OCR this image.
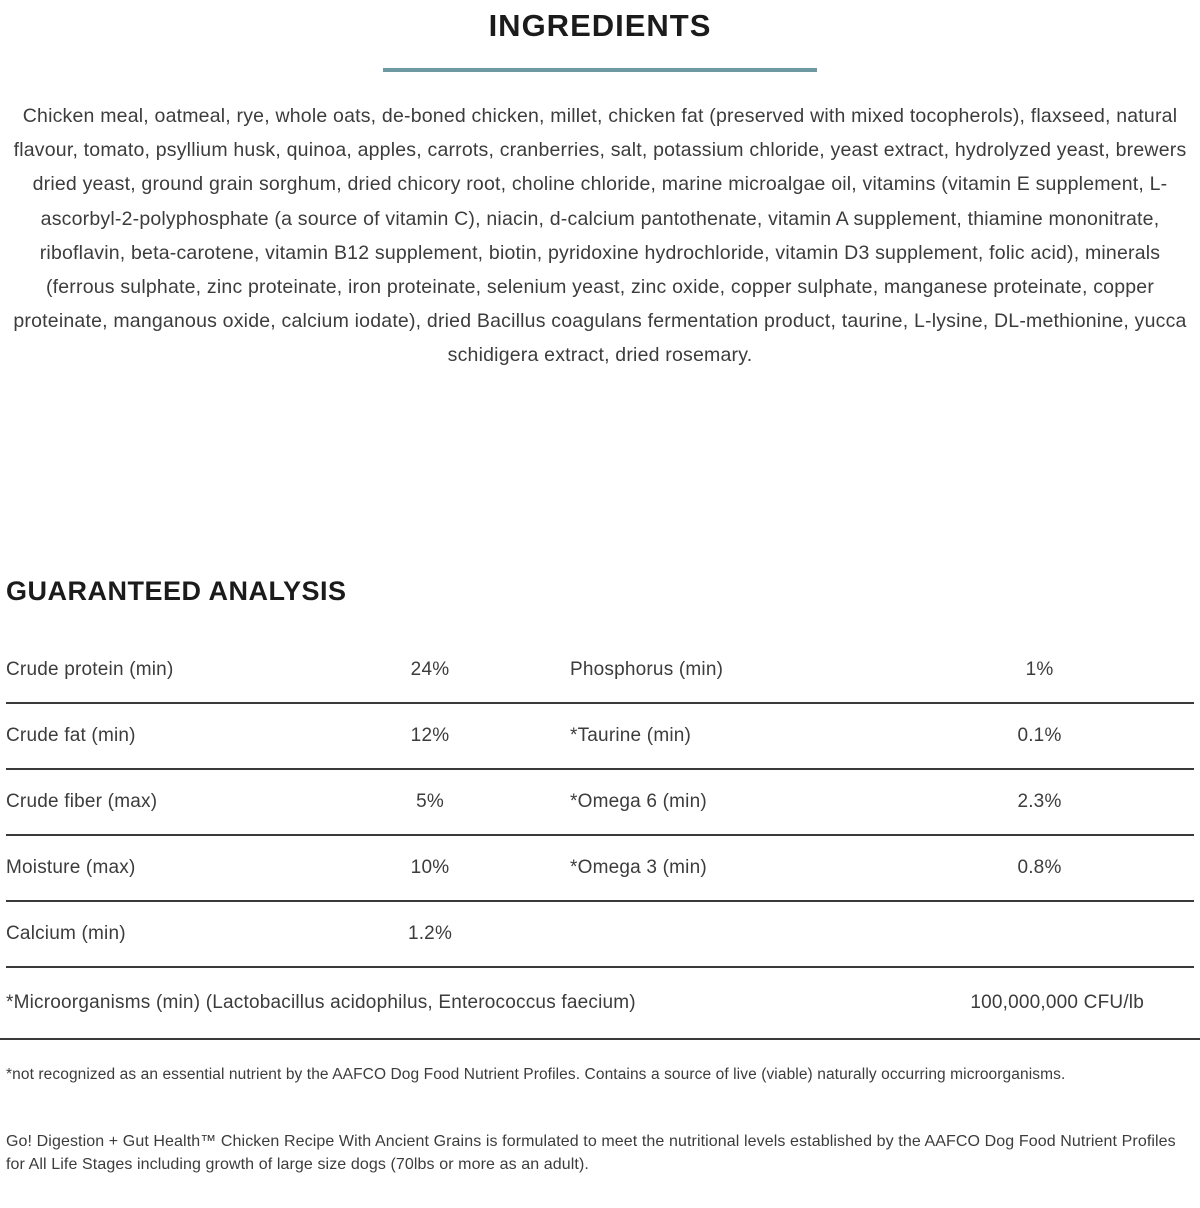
INGREDIENTS

Chicken meal, oatmeal, rye, whole oats, de-boned chicken, millet, chicken fat (preserved with mixed tocopherols), flaxseed, natural flavour, tomato, psyllium husk, quinoa, apples, carrots, cranberries, salt, potassium chloride, yeast extract, hydrolyzed yeast, brewers dried yeast, ground grain sorghum, dried chicory root, choline chloride, marine microalgae oil, vitamins (vitamin E supplement, L-ascorbyl-2-polyphosphate (a source of vitamin C), niacin, d-calcium pantothenate, vitamin A supplement, thiamine mononitrate, riboflavin, beta-carotene, vitamin B12 supplement, biotin, pyridoxine hydrochloride, vitamin D3 supplement, folic acid), minerals (ferrous sulphate, zinc proteinate, iron proteinate, selenium yeast, zinc oxide, copper sulphate, manganese proteinate, copper proteinate, manganous oxide, calcium iodate), dried Bacillus coagulans fermentation product, taurine, L-lysine, DL-methionine, yucca schidigera extract, dried rosemary.

GUARANTEED ANALYSIS
Crude protein (min)	24%	Phosphorus (min)	1%
Crude fat (min)	12%	*Taurine (min)	0.1%
Crude fiber (max)	5%	*Omega 6 (min)	2.3%
Moisture (max)	10%	*Omega 3 (min)	0.8%
Calcium (min)	1.2%
*Microorganisms (min) (Lactobacillus acidophilus, Enterococcus faecium)	100,000,000 CFU/lb

*not recognized as an essential nutrient by the AAFCO Dog Food Nutrient Profiles. Contains a source of live (viable) naturally occurring microorganisms.

Go! Digestion + Gut Health™ Chicken Recipe With Ancient Grains is formulated to meet the nutritional levels established by the AAFCO Dog Food Nutrient Profiles for All Life Stages including growth of large size dogs (70lbs or more as an adult).
